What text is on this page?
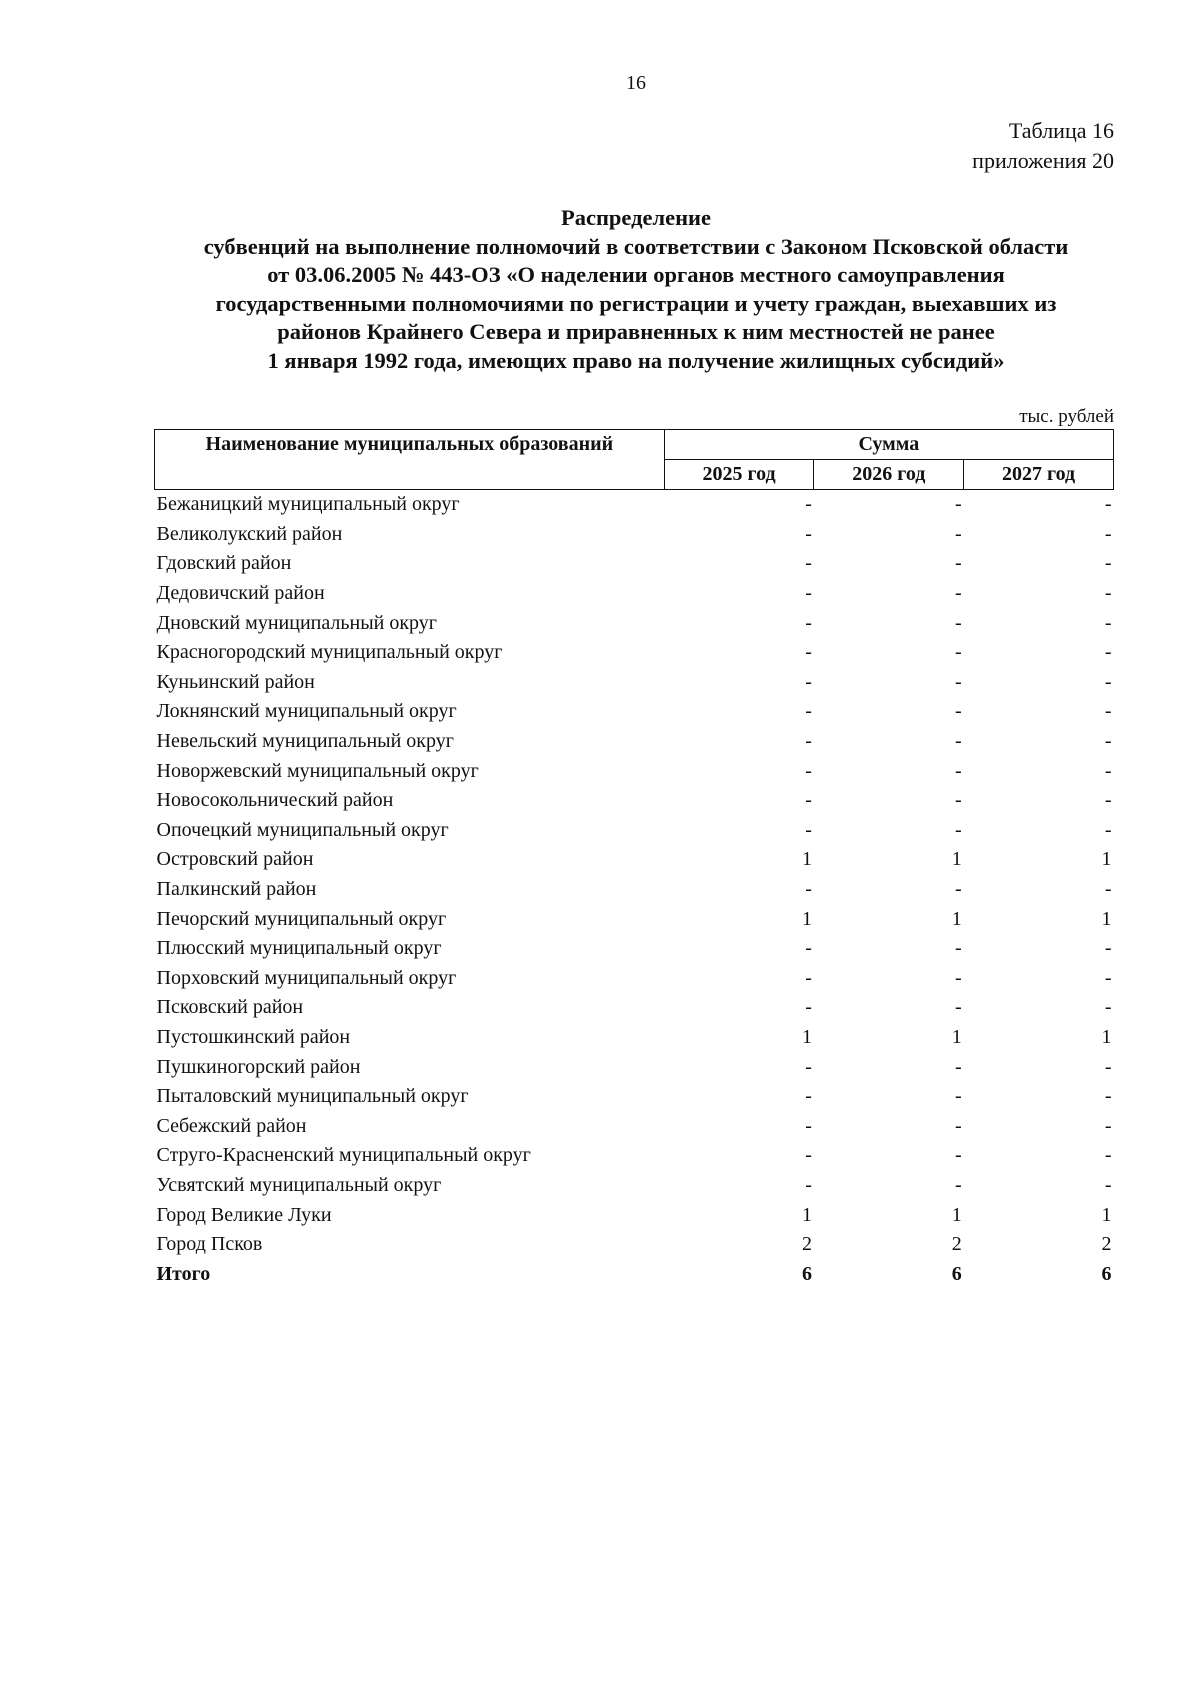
16
Таблица 16
приложения 20
Распределение
субвенций на выполнение полномочий в соответствии с Законом Псковской области
от 03.06.2005 № 443-ОЗ «О наделении органов местного самоуправления
государственными полномочиями по регистрации и учету граждан, выехавших из
районов Крайнего Севера и приравненных к ним местностей не ранее
1 января 1992 года, имеющих право на получение жилищных субсидий»
тыс. рублей
Наименование муниципальных образований	Сумма		
	2025 год	2026 год	2027 год
Бежаницкий муниципальный округ	-	-	-
Великолукский район	-	-	-
Гдовский район	-	-	-
Дедовичский район	-	-	-
Дновский муниципальный округ	-	-	-
Красногородский муниципальный округ	-	-	-
Куньинский район	-	-	-
Локнянский муниципальный округ	-	-	-
Невельский муниципальный округ	-	-	-
Новоржевский муниципальный округ	-	-	-
Новосокольнический район	-	-	-
Опочецкий муниципальный округ	-	-	-
Островский район	1	1	1
Палкинский район	-	-	-
Печорский муниципальный округ	1	1	1
Плюсский муниципальный округ	-	-	-
Порховский муниципальный округ	-	-	-
Псковский район	-	-	-
Пустошкинский район	1	1	1
Пушкиногорский район	-	-	-
Пыталовский муниципальный округ	-	-	-
Себежский район	-	-	-
Струго-Красненский муниципальный округ	-	-	-
Усвятский муниципальный округ	-	-	-
Город Великие Луки	1	1	1
Город Псков	2	2	2
Итого	6	6	6
